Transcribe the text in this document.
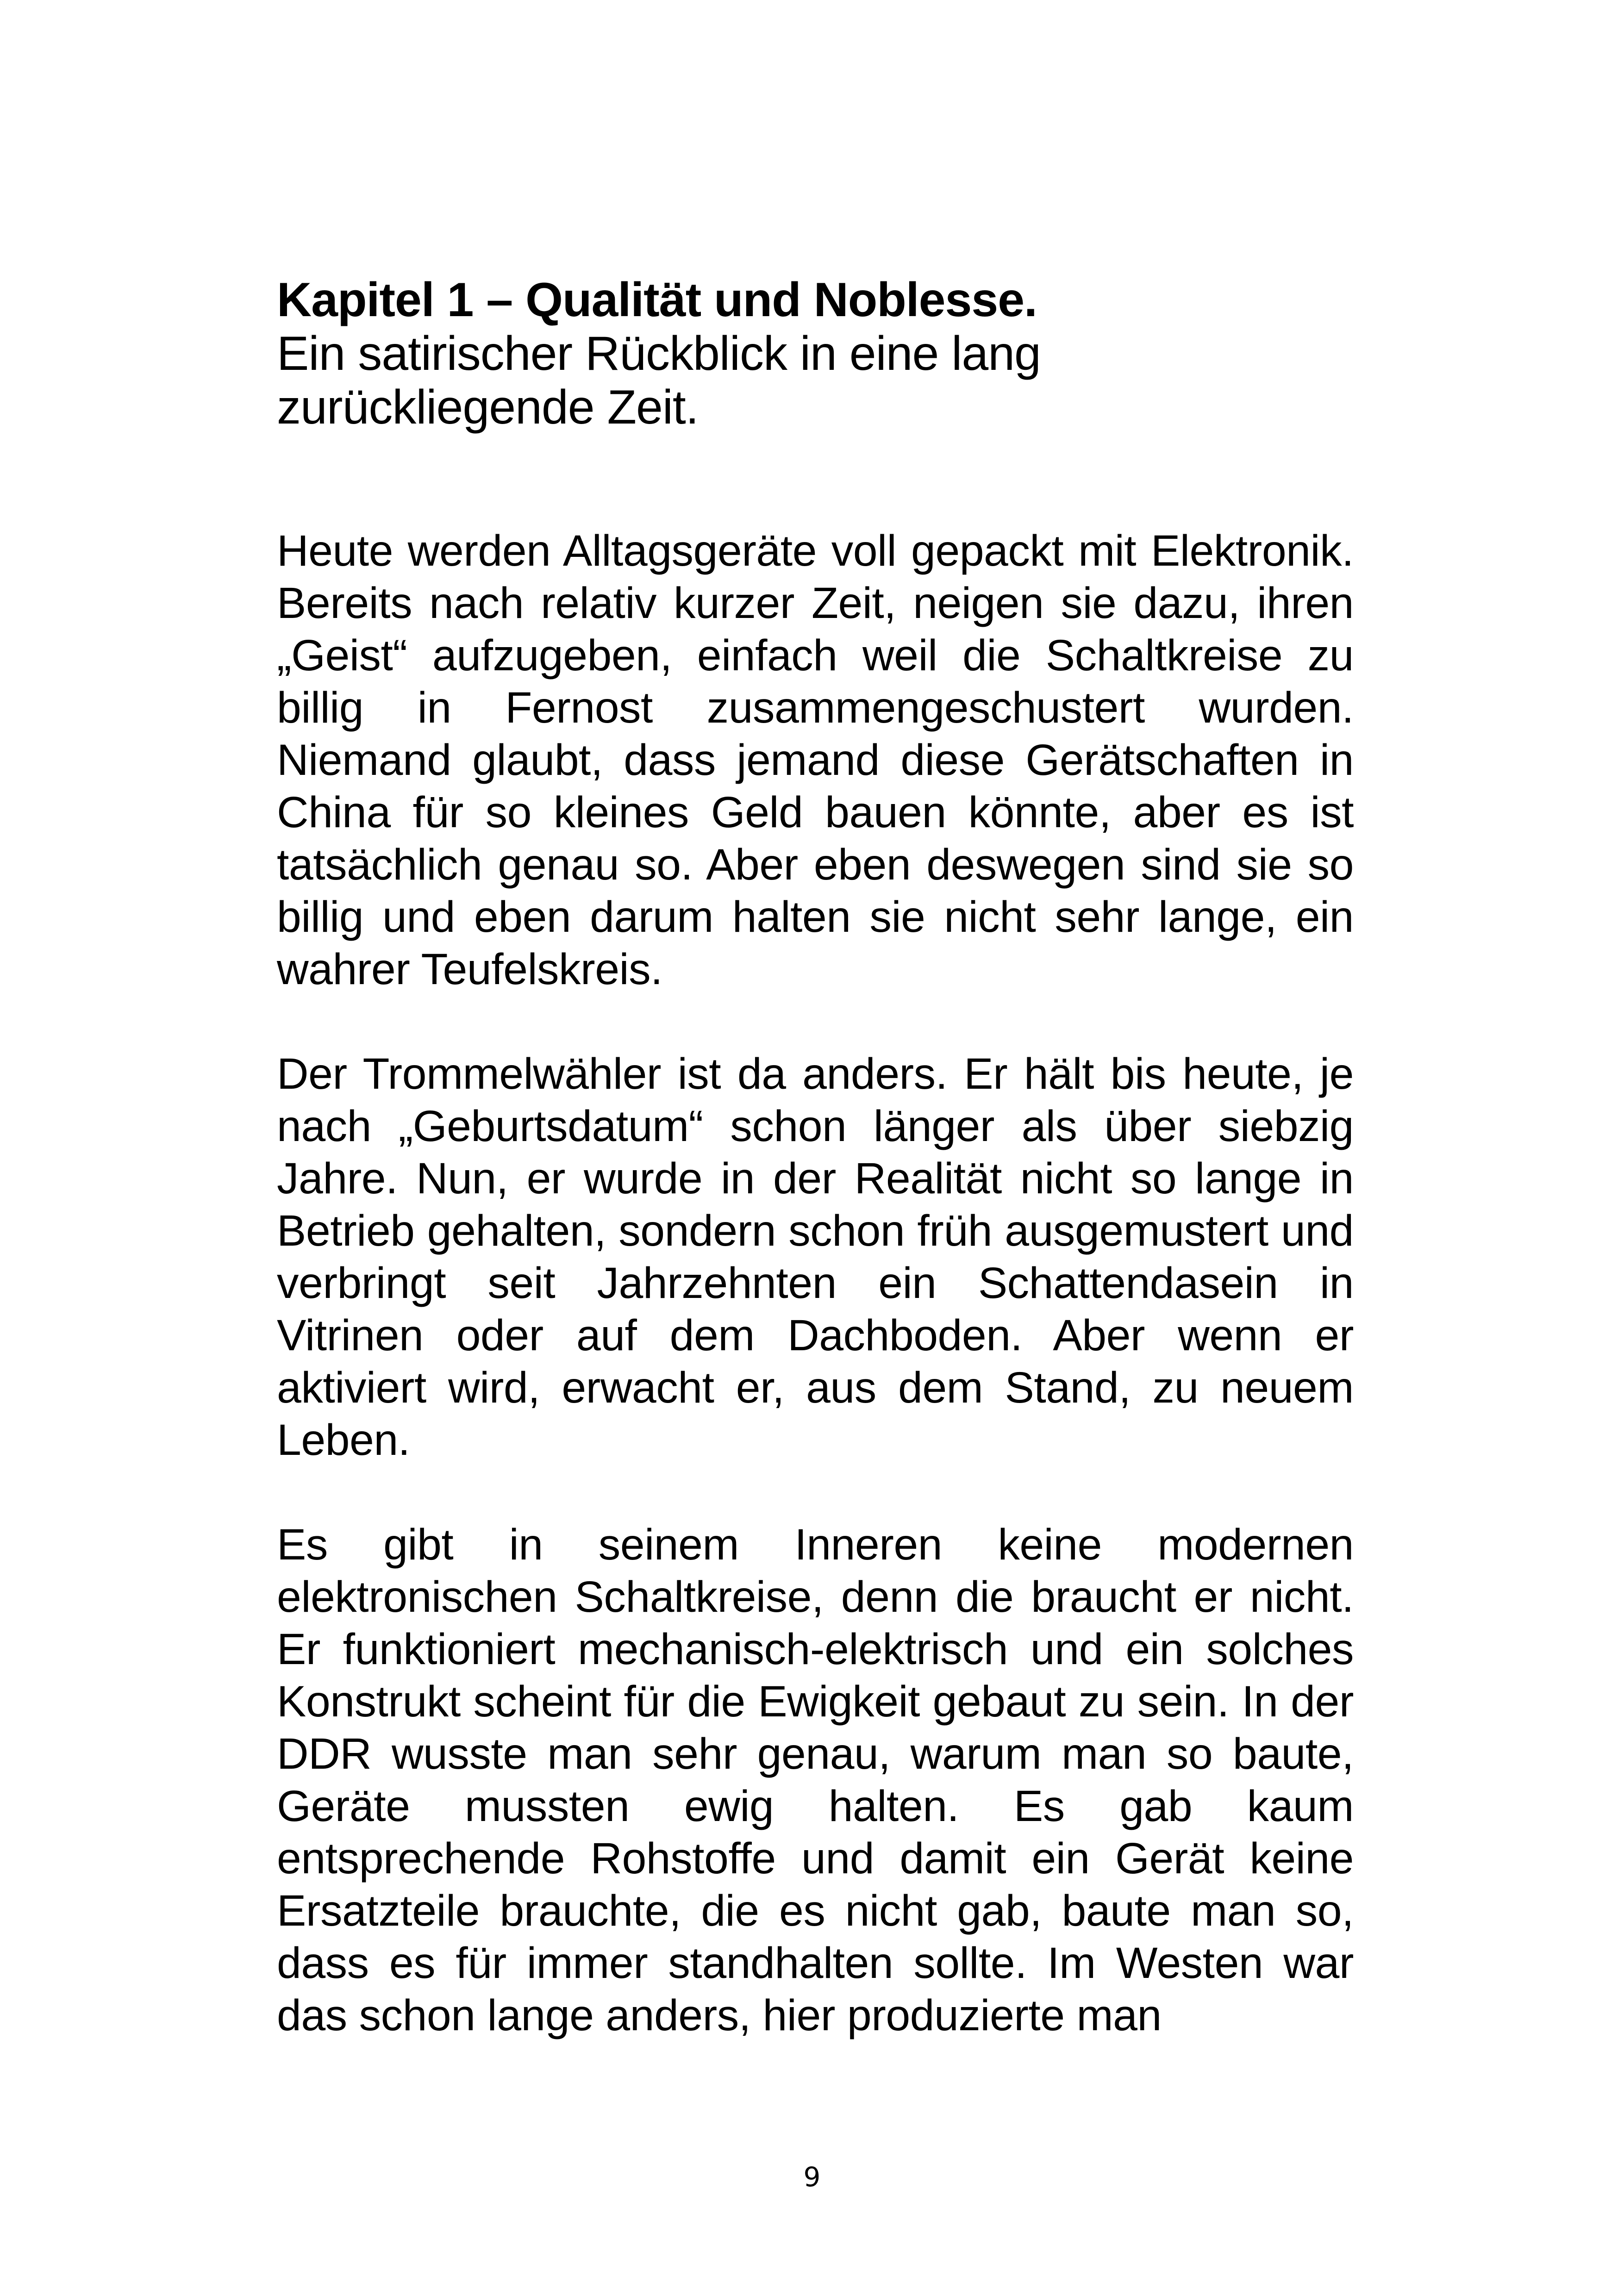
Kapitel 1 – Qualität und Noblesse.
Ein satirischer Rückblick in eine lang zurückliegende Zeit.

Heute werden Alltagsgeräte voll gepackt mit Elektronik. Bereits nach relativ kurzer Zeit, neigen sie dazu, ihren „Geist“ aufzugeben, einfach weil die Schaltkreise zu billig in Fernost zusammengeschustert wurden. Niemand glaubt, dass jemand diese Gerätschaften in China für so kleines Geld bauen könnte, aber es ist tatsächlich genau so. Aber eben deswegen sind sie so billig und eben darum halten sie nicht sehr lange, ein wahrer Teufelskreis.

Der Trommelwähler ist da anders. Er hält bis heute, je nach „Geburtsdatum“ schon länger als über siebzig Jahre. Nun, er wurde in der Realität nicht so lange in Betrieb gehalten, sondern schon früh ausgemustert und verbringt seit Jahrzehnten ein Schattendasein in Vitrinen oder auf dem Dachboden. Aber wenn er aktiviert wird, erwacht er, aus dem Stand, zu neuem Leben.

Es gibt in seinem Inneren keine modernen elektronischen Schaltkreise, denn die braucht er nicht. Er funktioniert mechanisch-elektrisch und ein solches Konstrukt scheint für die Ewigkeit gebaut zu sein. In der DDR wusste man sehr genau, warum man so baute, Geräte mussten ewig halten. Es gab kaum entsprechende Rohstoffe und damit ein Gerät keine Ersatzteile brauchte, die es nicht gab, baute man so, dass es für immer standhalten sollte. Im Westen war das schon lange anders, hier produzierte man

9
